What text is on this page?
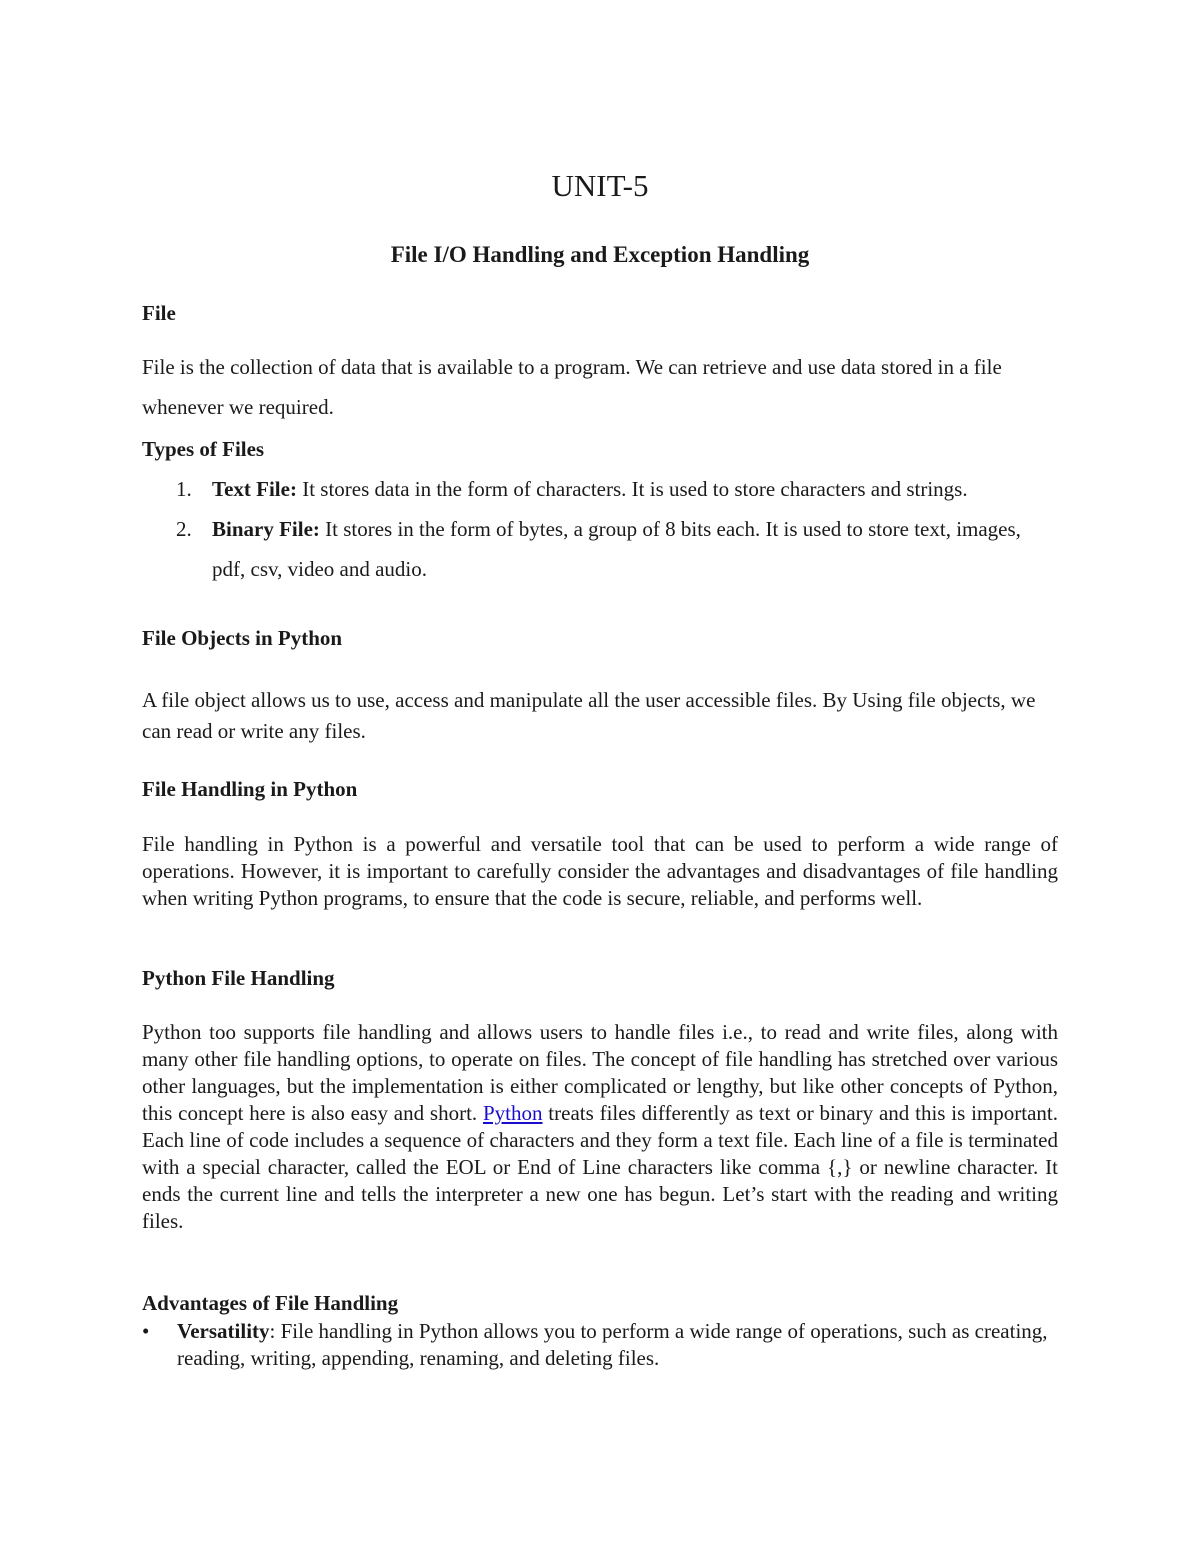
UNIT-5
File I/O Handling and Exception Handling
File

File is the collection of data that is available to a program. We can retrieve and use data stored in a file whenever we required.

Types of Files
1. Text File: It stores data in the form of characters. It is used to store characters and strings.
2. Binary File: It stores in the form of bytes, a group of 8 bits each. It is used to store text, images, pdf, csv, video and audio.
File Objects in Python

A file object allows us to use, access and manipulate all the user accessible files. By Using file objects, we can read or write any files.

File Handling in Python

File handling in Python is a powerful and versatile tool that can be used to perform a wide range of operations. However, it is important to carefully consider the advantages and disadvantages of file handling when writing Python programs, to ensure that the code is secure, reliable, and performs well.

Python File Handling

Python too supports file handling and allows users to handle files i.e., to read and write files, along with many other file handling options, to operate on files. The concept of file handling has stretched over various other languages, but the implementation is either complicated or lengthy, but like other concepts of Python, this concept here is also easy and short. Python treats files differently as text or binary and this is important. Each line of code includes a sequence of characters and they form a text file. Each line of a file is terminated with a special character, called the EOL or End of Line characters like comma {,} or newline character. It ends the current line and tells the interpreter a new one has begun. Let’s start with the reading and writing files.

Advantages of File Handling
• Versatility: File handling in Python allows you to perform a wide range of operations, such as creating, reading, writing, appending, renaming, and deleting files.
